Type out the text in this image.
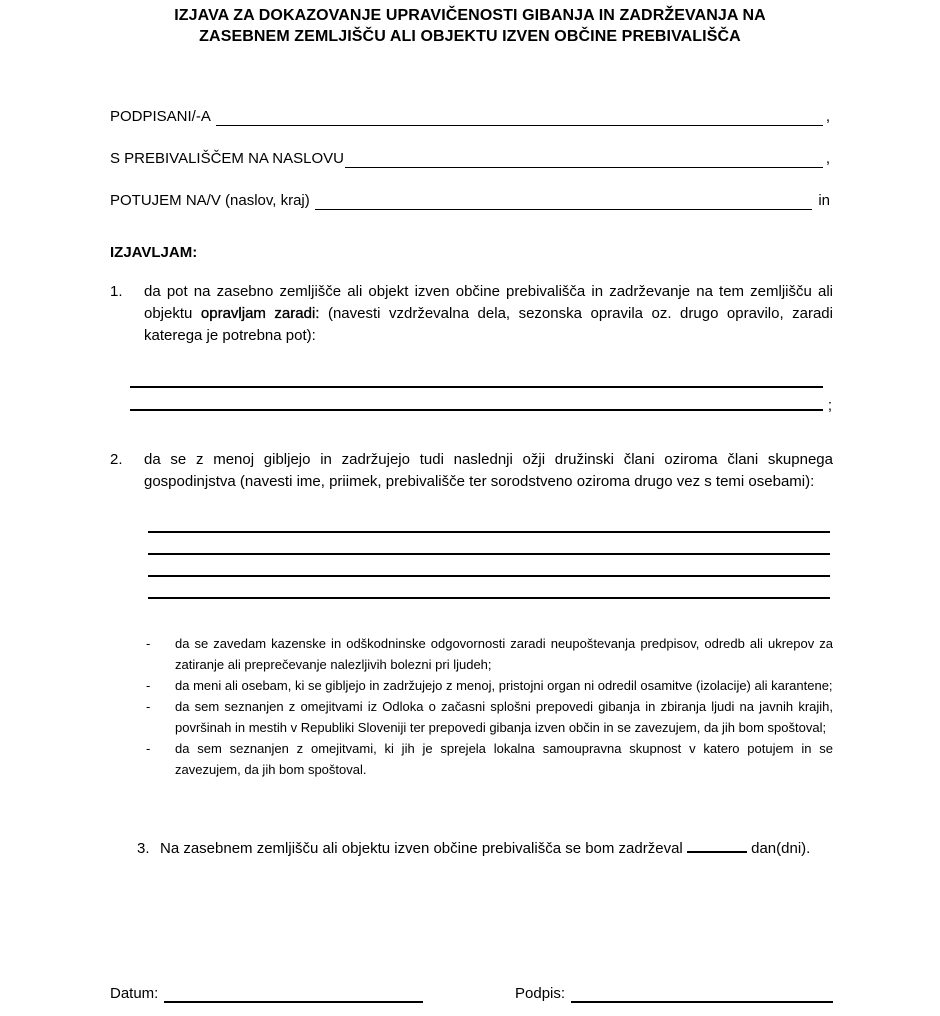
IZJAVA ZA DOKAZOVANJE UPRAVIČENOSTI GIBANJA IN ZADRŽEVANJA NA
ZASEBNEM ZEMLJIŠČU ALI OBJEKTU IZVEN OBČINE PREBIVALIŠČA
PODPISANI/-A	,
S PREBIVALIŠČEM NA NASLOVU	,
POTUJEM NA/V (naslov, kraj)	in
IZJAVLJAM:
1.	da pot na zasebno zemljišče ali objekt izven občine prebivališča in zadrževanje na tem zemljišču ali objektu opravljam zaradi: (navesti vzdrževalna dela, sezonska opravila oz. drugo opravilo, zaradi katerega je potrebna pot):
;
2.	da se z menoj gibljejo in zadržujejo tudi naslednji ožji družinski člani oziroma člani skupnega gospodinjstva (navesti ime, priimek, prebivališče ter sorodstveno oziroma drugo vez s temi osebami):
-	da se zavedam kazenske in odškodninske odgovornosti zaradi neupoštevanja predpisov, odredb ali ukrepov za zatiranje ali preprečevanje nalezljivih bolezni pri ljudeh;
-	da meni ali osebam, ki se gibljejo in zadržujejo z menoj, pristojni organ ni odredil osamitve (izolacije) ali karantene;
-	da sem seznanjen z omejitvami iz Odloka o začasni splošni prepovedi gibanja in zbiranja ljudi na javnih krajih, površinah in mestih v Republiki Sloveniji ter prepovedi gibanja izven občin in se zavezujem, da jih bom spoštoval;
-	da sem seznanjen z omejitvami, ki jih je sprejela lokalna samoupravna skupnost v katero potujem in se zavezujem, da jih bom spoštoval.
3. Na zasebnem zemljišču ali objektu izven občine prebivališča se bom zadrževal	dan(dni).
Datum:	Podpis:
